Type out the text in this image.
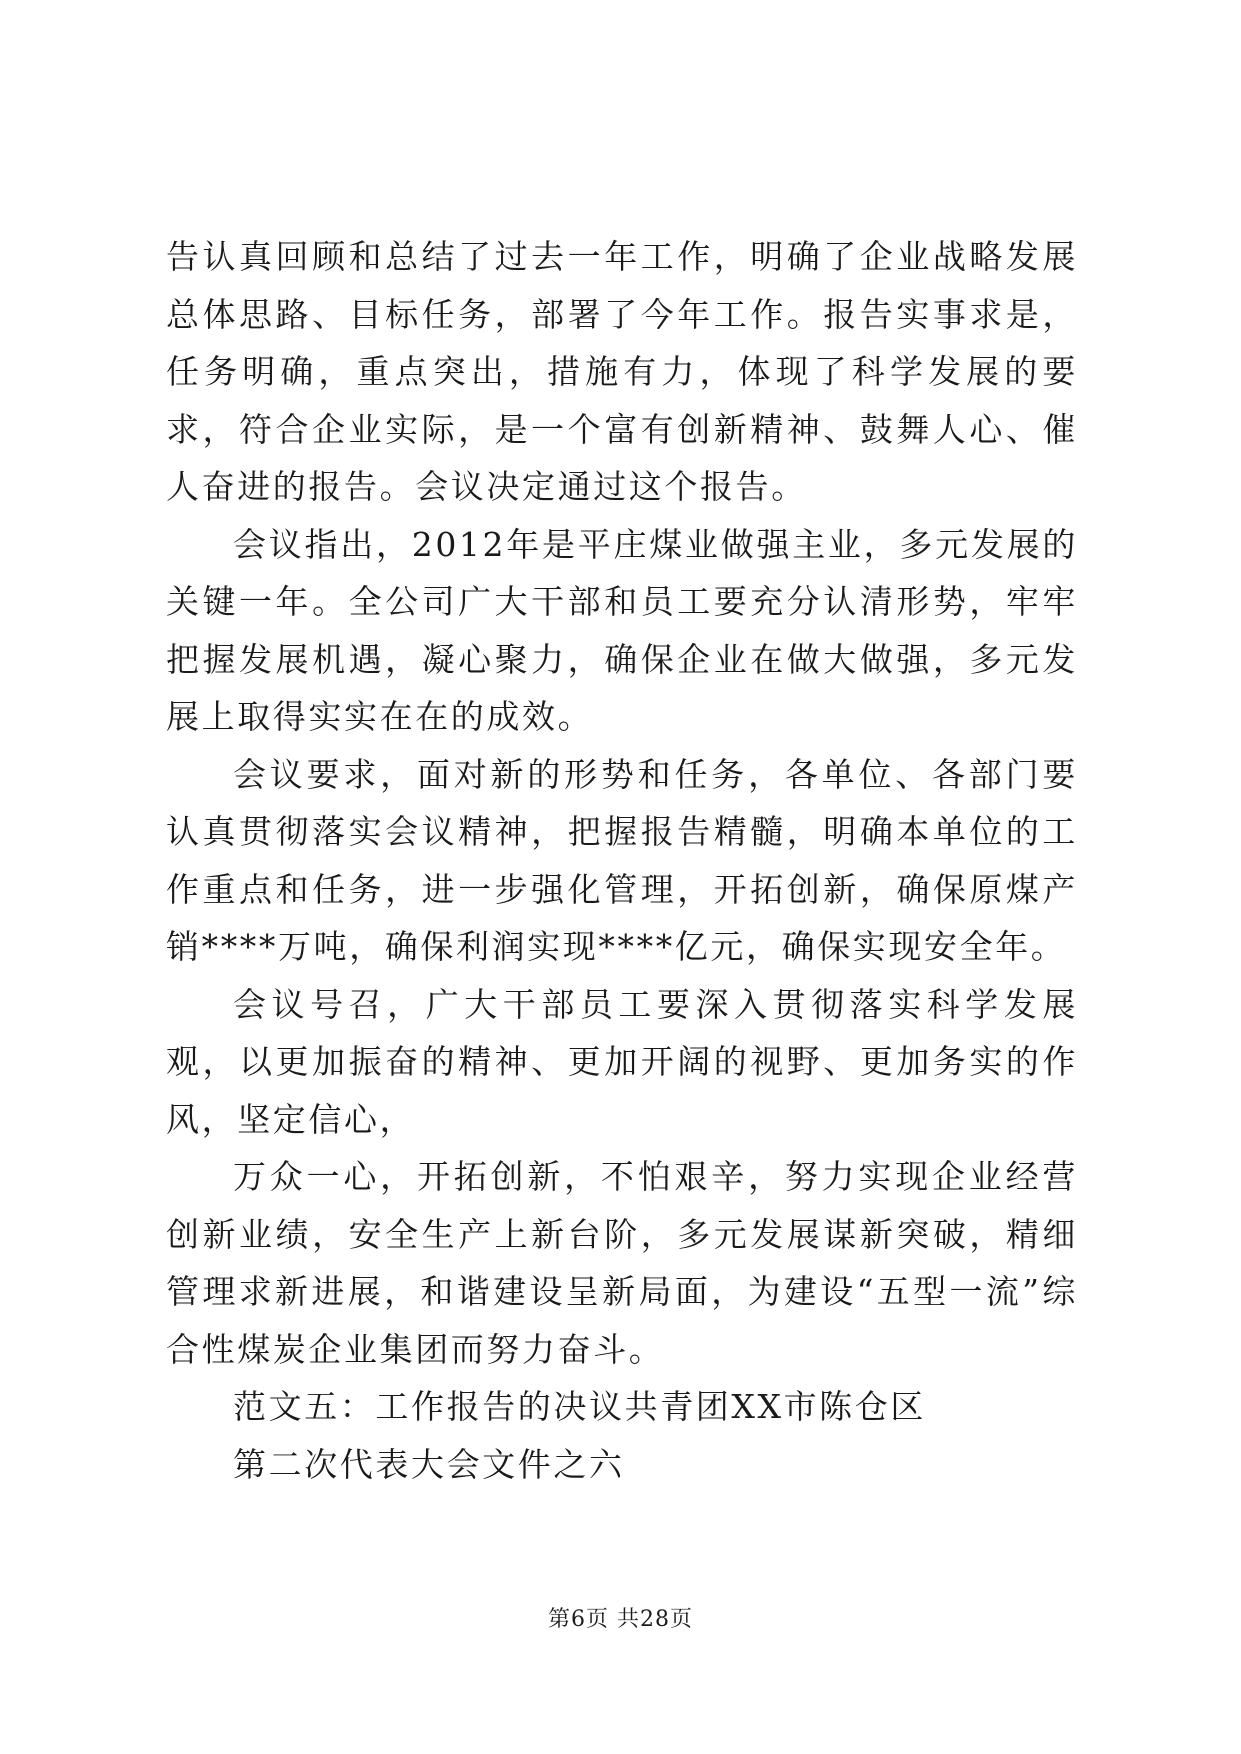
告认真回顾和总结了过去一年工作，明确了企业战略发展总体思路、目标任务，部署了今年工作。报告实事求是，任务明确，重点突出，措施有力，体现了科学发展的要求，符合企业实际，是一个富有创新精神、鼓舞人心、催人奋进的报告。会议决定通过这个报告。

会议指出，2012年是平庄煤业做强主业，多元发展的关键一年。全公司广大干部和员工要充分认清形势，牢牢把握发展机遇，凝心聚力，确保企业在做大做强，多元发展上取得实实在在的成效。

会议要求，面对新的形势和任务，各单位、各部门要认真贯彻落实会议精神，把握报告精髓，明确本单位的工作重点和任务，进一步强化管理，开拓创新，确保原煤产销****万吨，确保利润实现****亿元，确保实现安全年。

会议号召，广大干部员工要深入贯彻落实科学发展观，以更加振奋的精神、更加开阔的视野、更加务实的作风，坚定信心，

万众一心，开拓创新，不怕艰辛，努力实现企业经营创新业绩，安全生产上新台阶，多元发展谋新突破，精细管理求新进展，和谐建设呈新局面，为建设“五型一流”综合性煤炭企业集团而努力奋斗。

范文五：工作报告的决议共青团XX市陈仓区

第二次代表大会文件之六

第6页 共28页
